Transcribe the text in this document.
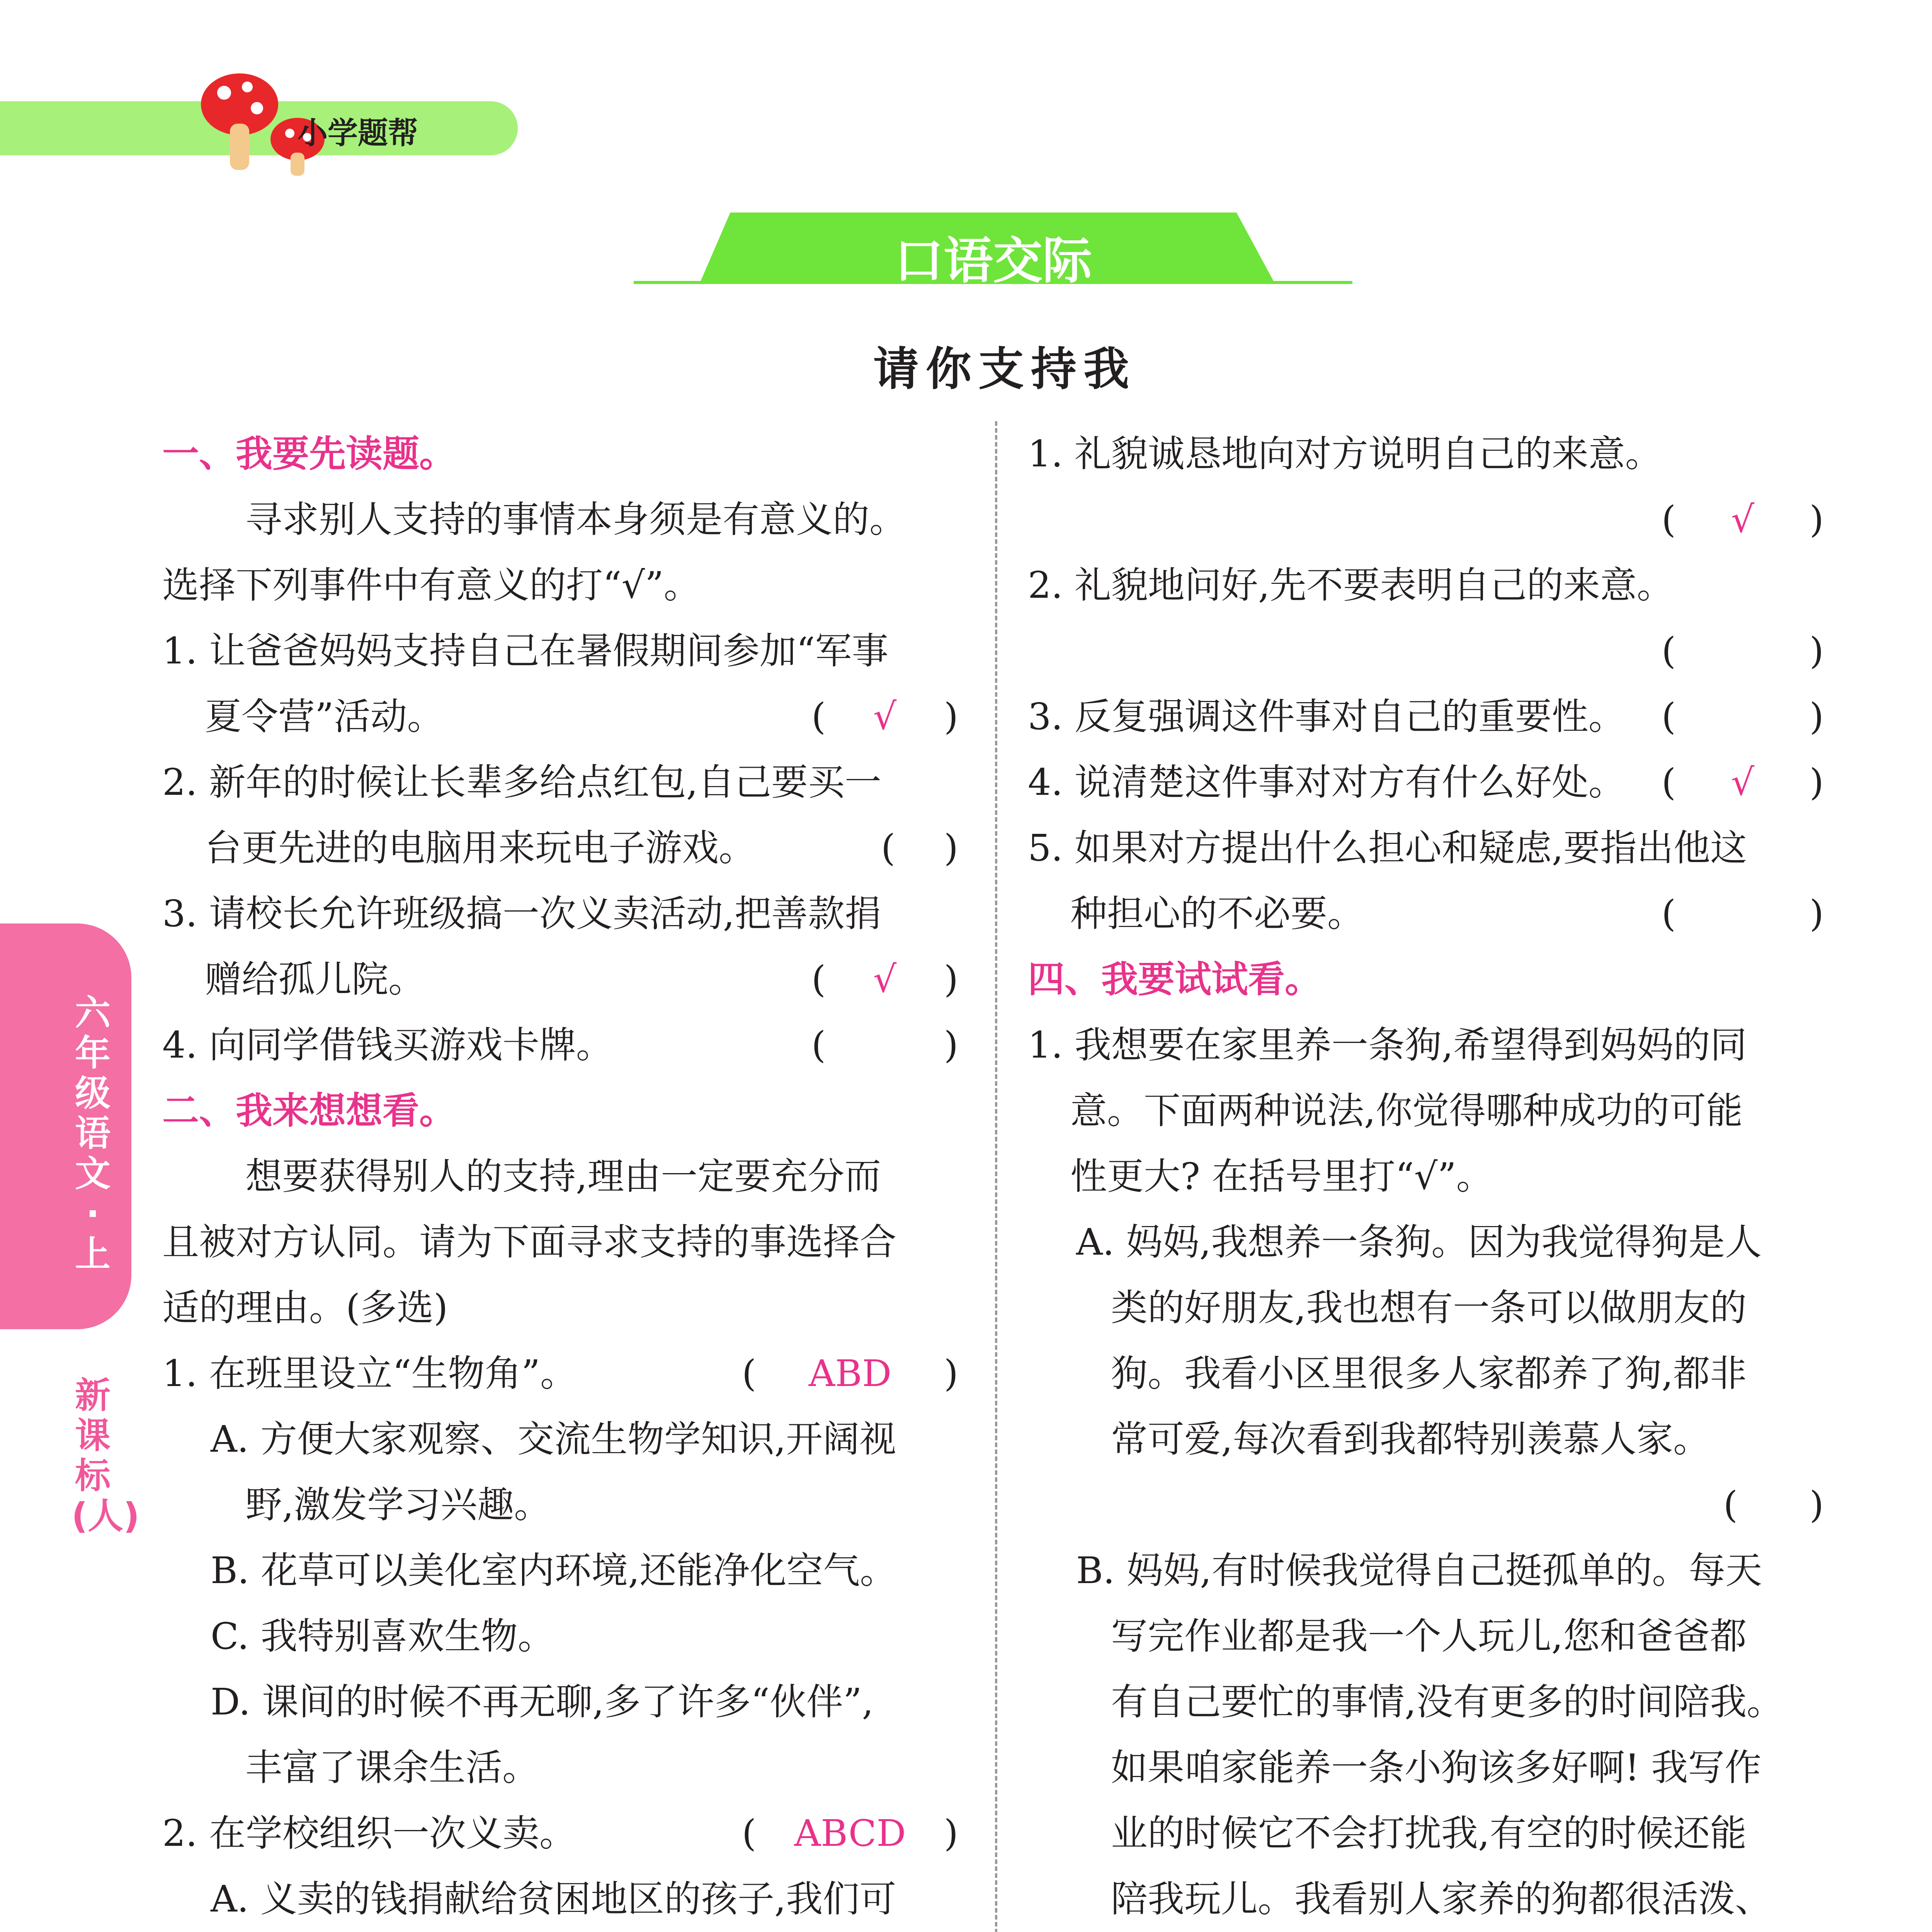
小学题帮
口语交际
请你支持我
六年级语文·上
新课标(人)
一、我要先读题。
寻求别人支持的事情本身须是有意义的。
选择下列事件中有意义的打“√”。
1. 让爸爸妈妈支持自己在暑假期间参加“军事
夏令营”活动。	(	√	)
2. 新年的时候让长辈多给点红包,自己要买一
台更先进的电脑用来玩电子游戏。	( )
3. 请校长允许班级搞一次义卖活动,把善款捐
赠给孤儿院。	(	√	)
4. 向同学借钱买游戏卡牌。	(	)
二、我来想想看。
想要获得别人的支持,理由一定要充分而
且被对方认同。请为下面寻求支持的事选择合
适的理由。(多选)
1. 在班里设立“生物角”。	(	ABD	)
A. 方便大家观察、交流生物学知识,开阔视
野,激发学习兴趣。
B. 花草可以美化室内环境,还能净化空气。
C. 我特别喜欢生物。
D. 课间的时候不再无聊,多了许多“伙伴”,
丰富了课余生活。
2. 在学校组织一次义卖。	(	ABCD	)
A. 义卖的钱捐献给贫困地区的孩子,我们可
1. 礼貌诚恳地向对方说明自己的来意。
(	√	)
2. 礼貌地问好,先不要表明自己的来意。
(	)
3. 反复强调这件事对自己的重要性。 (	)
4. 说清楚这件事对对方有什么好处。 (	√	)
5. 如果对方提出什么担心和疑虑,要指出他这
种担心的不必要。	(	)
四、我要试试看。
1. 我想要在家里养一条狗,希望得到妈妈的同
意。下面两种说法,你觉得哪种成功的可能
性更大? 在括号里打“√”。
A. 妈妈,我想养一条狗。因为我觉得狗是人
类的好朋友,我也想有一条可以做朋友的
狗。我看小区里很多人家都养了狗,都非
常可爱,每次看到我都特别羡慕人家。
( )
B. 妈妈,有时候我觉得自己挺孤单的。每天
写完作业都是我一个人玩儿,您和爸爸都
有自己要忙的事情,没有更多的时间陪我。
如果咱家能养一条小狗该多好啊! 我写作
业的时候它不会打扰我,有空的时候还能
陪我玩儿。我看别人家养的狗都很活泼、
